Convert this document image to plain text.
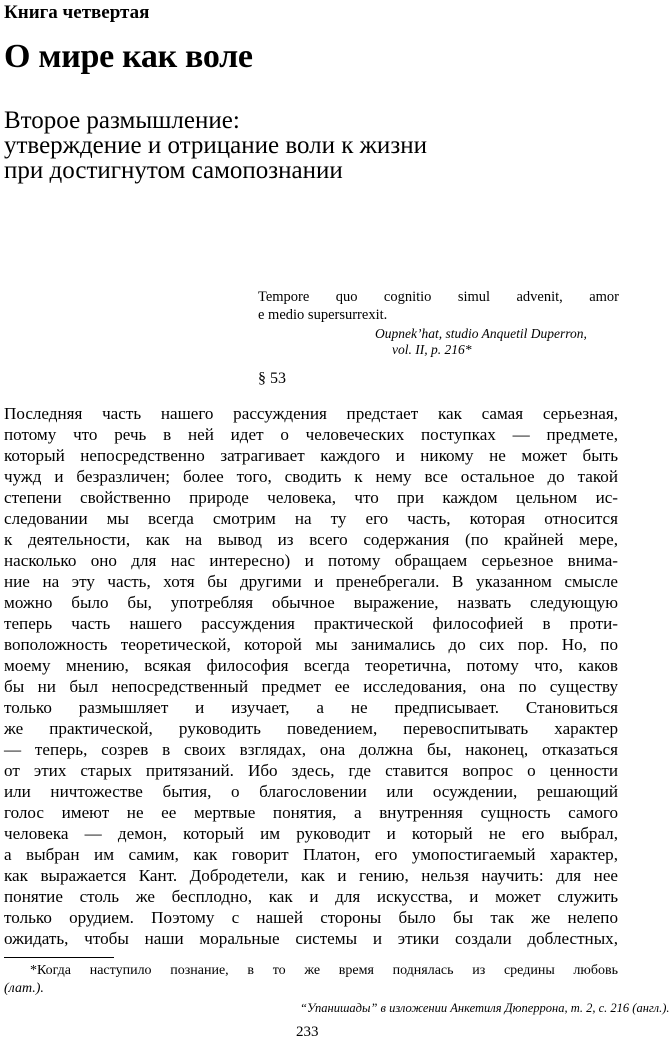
Книга четвертая
О мире как воле
Второе размышление:
утверждение и отрицание воли к жизни
при достигнутом самопознании
Tempore quo cognitio simul advenit, amor
e medio supersurrexit.
Oupnek’hat, studio Anquetil Duperron,
vol. II, p. 216*
§ 53
Последняя часть нашего рассуждения предстает как самая серьезная,
потому что речь в ней идет о человеческих поступках — предмете,
который непосредственно затрагивает каждого и никому не может быть
чужд и безразличен; более того, сводить к нему все остальное до такой
степени свойственно природе человека, что при каждом цельном ис-
следовании мы всегда смотрим на ту его часть, которая относится
к деятельности, как на вывод из всего содержания (по крайней мере,
насколько оно для нас интересно) и потому обращаем серьезное внима-
ние на эту часть, хотя бы другими и пренебрегали. В указанном смысле
можно было бы, употребляя обычное выражение, назвать следующую
теперь часть нашего рассуждения практической философией в проти-
воположность теоретической, которой мы занимались до сих пор. Но, по
моему мнению, всякая философия всегда теоретична, потому что, каков
бы ни был непосредственный предмет ее исследования, она по существу
только размышляет и изучает, а не предписывает. Становиться
же практической, руководить поведением, перевоспитывать характер
— теперь, созрев в своих взглядах, она должна бы, наконец, отказаться
от этих старых притязаний. Ибо здесь, где ставится вопрос о ценности
или ничтожестве бытия, о благословении или осуждении, решающий
голос имеют не ее мертвые понятия, а внутренняя сущность самого
человека — демон, который им руководит и который не его выбрал,
а выбран им самим, как говорит Платон, его умопостигаемый характер,
как выражается Кант. Добродетели, как и гению, нельзя научить: для нее
понятие столь же бесплодно, как и для искусства, и может служить
только орудием. Поэтому с нашей стороны было бы так же нелепо
ожидать, чтобы наши моральные системы и этики создали доблестных,
*Когда наступило познание, в то же время поднялась из средины любовь
(лат.).
“Упанишады” в изложении Анкетиля Дюперрона, т. 2, с. 216 (англ.).
233
